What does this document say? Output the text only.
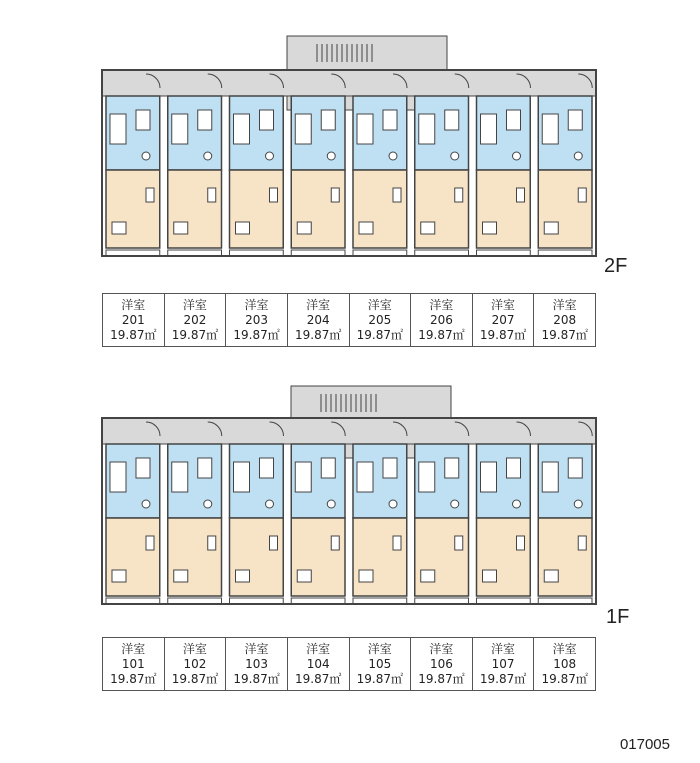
2F
洋室
201
19.87㎡
洋室
202
19.87㎡
洋室
203
19.87㎡
洋室
204
19.87㎡
洋室
205
19.87㎡
洋室
206
19.87㎡
洋室
207
19.87㎡
洋室
208
19.87㎡
1F
洋室
101
19.87㎡
洋室
102
19.87㎡
洋室
103
19.87㎡
洋室
104
19.87㎡
洋室
105
19.87㎡
洋室
106
19.87㎡
洋室
107
19.87㎡
洋室
108
19.87㎡
017005
